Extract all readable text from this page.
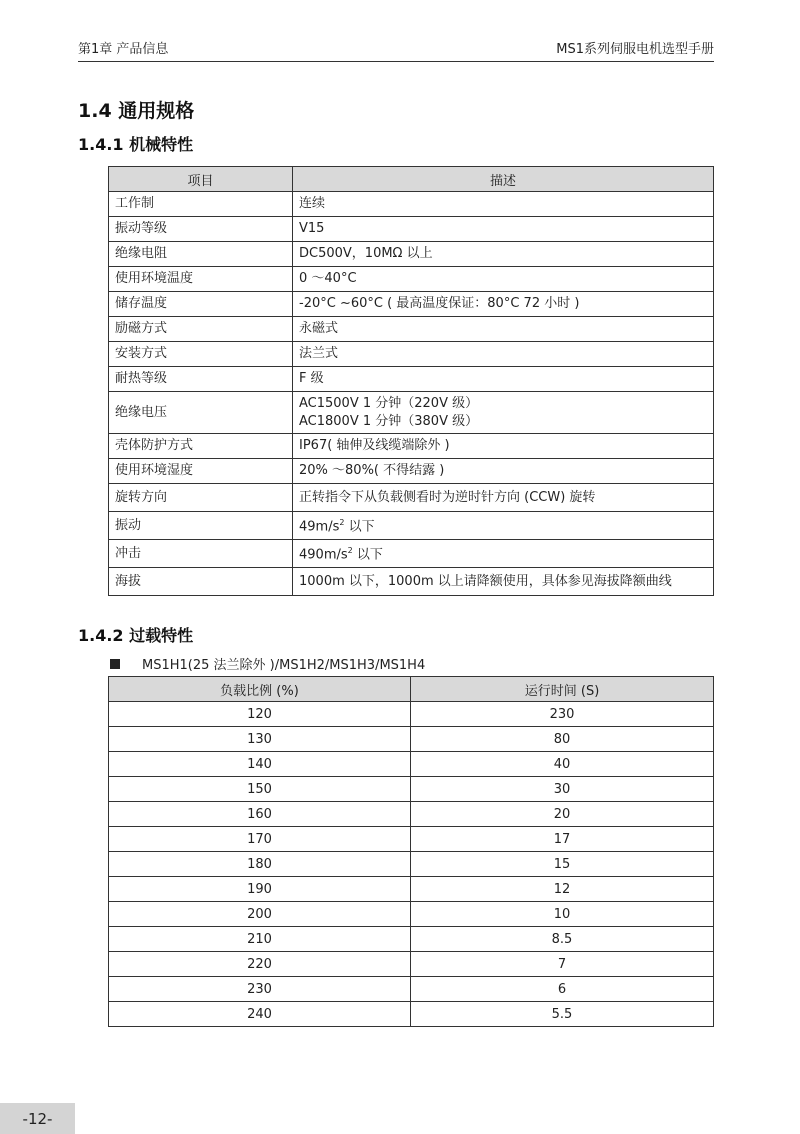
第1章 产品信息	MS1系列伺服电机选型手册
1.4 通用规格
1.4.1 机械特性
项目	描述
工作制	连续
振动等级	V15
绝缘电阻	DC500V，10MΩ 以上
使用环境温度	0 ～40°C
储存温度	-20°C ~60°C ( 最高温度保证：80°C 72 小时 )
励磁方式	永磁式
安装方式	法兰式
耐热等级	F 级
绝缘电压	AC1500V 1 分钟（220V 级）
AC1800V 1 分钟（380V 级）
壳体防护方式	IP67( 轴伸及线缆端除外 )
使用环境湿度	20% ～80%( 不得结露 )
旋转方向	正转指令下从负载侧看时为逆时针方向 (CCW) 旋转
振动	$49m/s^2$ 以下
冲击	$490m/s^2$ 以下
海拔	1000m 以下，1000m 以上请降额使用，具体参见海拔降额曲线
1.4.2 过载特性
MS1H1(25 法兰除外 )/MS1H2/MS1H3/MS1H4
负载比例 (%)	运行时间 (S)
120	230
130	80
140	40
150	30
160	20
170	17
180	15
190	12
200	10
210	8.5
220	7
230	6
240	5.5
-12-
